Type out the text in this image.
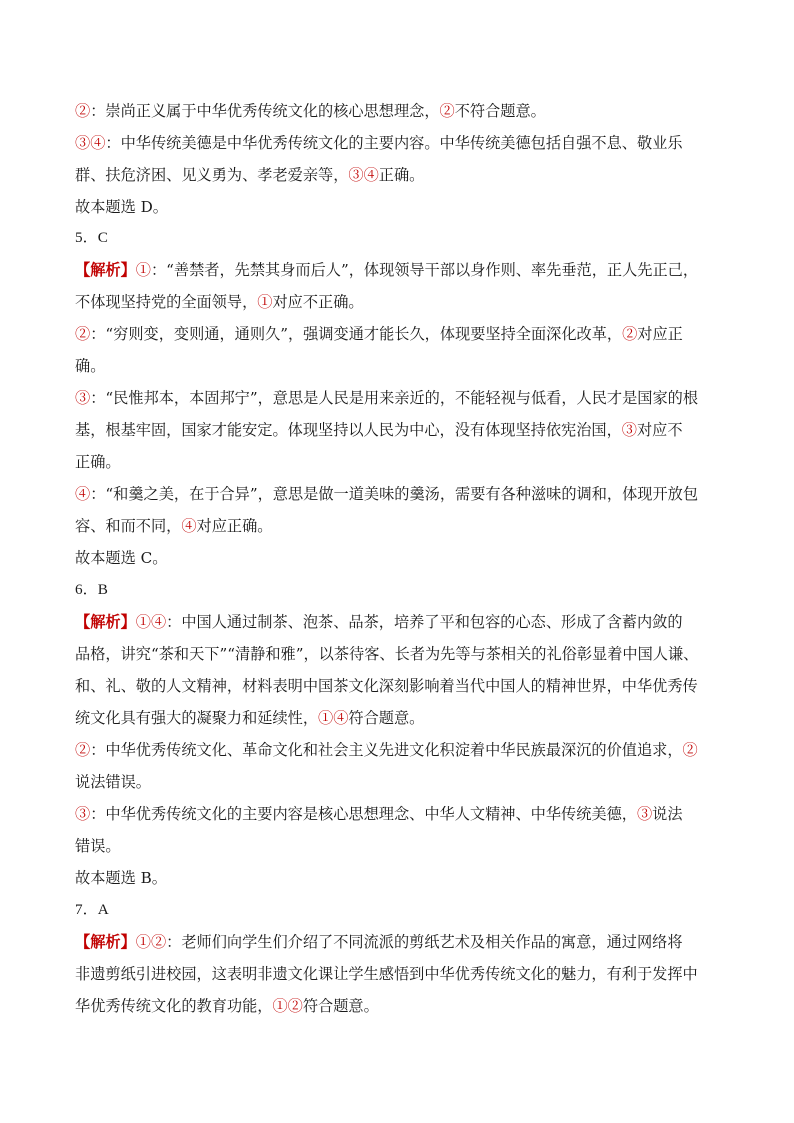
②：崇尚正义属于中华优秀传统文化的核心思想理念，②不符合题意。
③④：中华传统美德是中华优秀传统文化的主要内容。中华传统美德包括自强不息、敬业乐
群、扶危济困、见义勇为、孝老爱亲等，③④正确。
故本题选 D。
5．C
【解析】①：“善禁者，先禁其身而后人”，体现领导干部以身作则、率先垂范，正人先正己，
不体现坚持党的全面领导，①对应不正确。
②：“穷则变，变则通，通则久”，强调变通才能长久，体现要坚持全面深化改革，②对应正
确。
③：“民惟邦本，本固邦宁”，意思是人民是用来亲近的，不能轻视与低看，人民才是国家的根
基，根基牢固，国家才能安定。体现坚持以人民为中心，没有体现坚持依宪治国，③对应不
正确。
④：“和羹之美，在于合异”，意思是做一道美味的羹汤，需要有各种滋味的调和，体现开放包
容、和而不同，④对应正确。
故本题选 C。
6．B
【解析】①④：中国人通过制茶、泡茶、品茶，培养了平和包容的心态、形成了含蓄内敛的
品格，讲究“茶和天下”“清静和雅”，以茶待客、长者为先等与茶相关的礼俗彰显着中国人谦、
和、礼、敬的人文精神，材料表明中国茶文化深刻影响着当代中国人的精神世界，中华优秀传
统文化具有强大的凝聚力和延续性，①④符合题意。
②：中华优秀传统文化、革命文化和社会主义先进文化积淀着中华民族最深沉的价值追求，②
说法错误。
③：中华优秀传统文化的主要内容是核心思想理念、中华人文精神、中华传统美德，③说法
错误。
故本题选 B。
7．A
【解析】①②：老师们向学生们介绍了不同流派的剪纸艺术及相关作品的寓意，通过网络将
非遗剪纸引进校园，这表明非遗文化课让学生感悟到中华优秀传统文化的魅力，有利于发挥中
华优秀传统文化的教育功能，①②符合题意。
